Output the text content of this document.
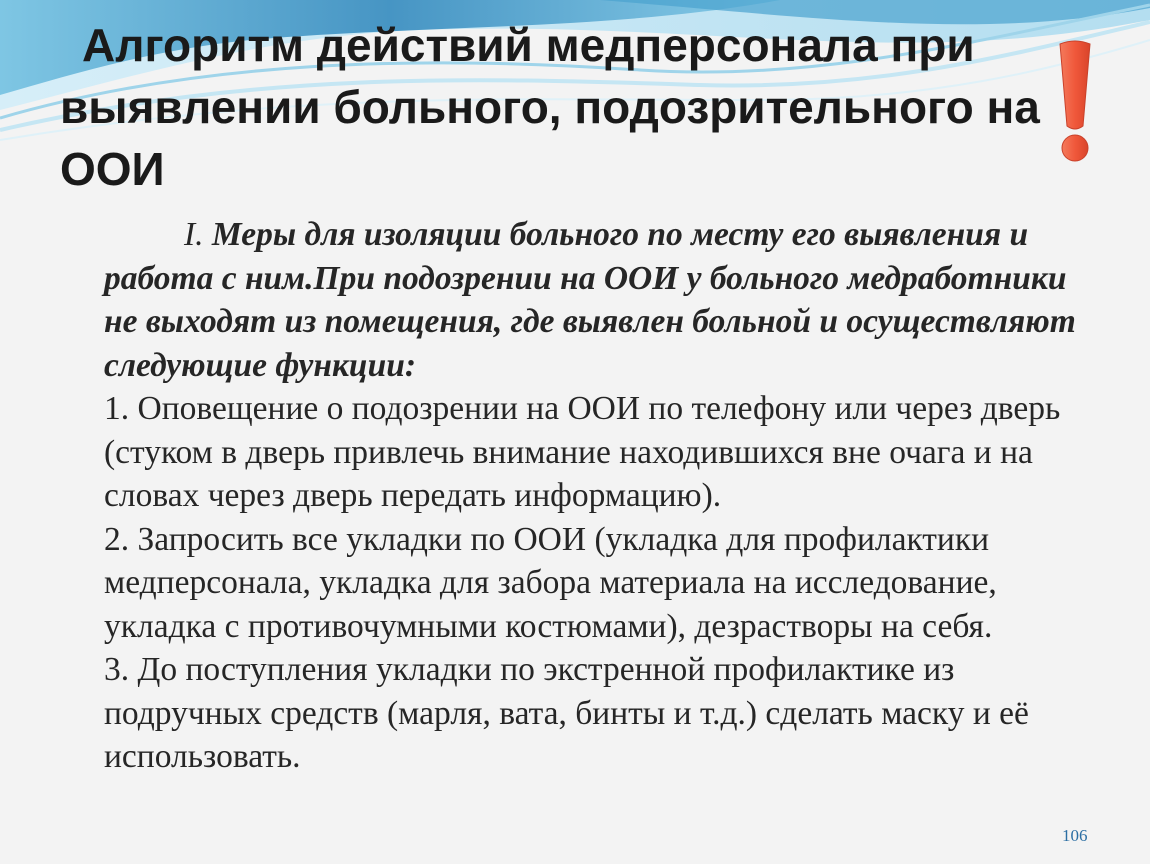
Алгоритм действий медперсонала при
выявлении больного, подозрительного на
ООИ
I. Меры для изоляции больного по месту его выявления и работа с ним.При подозрении на ООИ у больного медработники не выходят из помещения, где выявлен больной и осуществляют следующие функции:
1. Оповещение о подозрении на ООИ по телефону или через дверь (стуком в дверь привлечь внимание находившихся вне очага и на словах через дверь передать информацию).
2. Запросить все укладки по ООИ (укладка для профилактики медперсонала, укладка для забора материала на исследование, укладка с противочумными костюмами), дезрастворы на себя.
3. До поступления укладки по экстренной профилактике из подручных средств (марля, вата, бинты и т.д.) сделать маску и её использовать.
106
